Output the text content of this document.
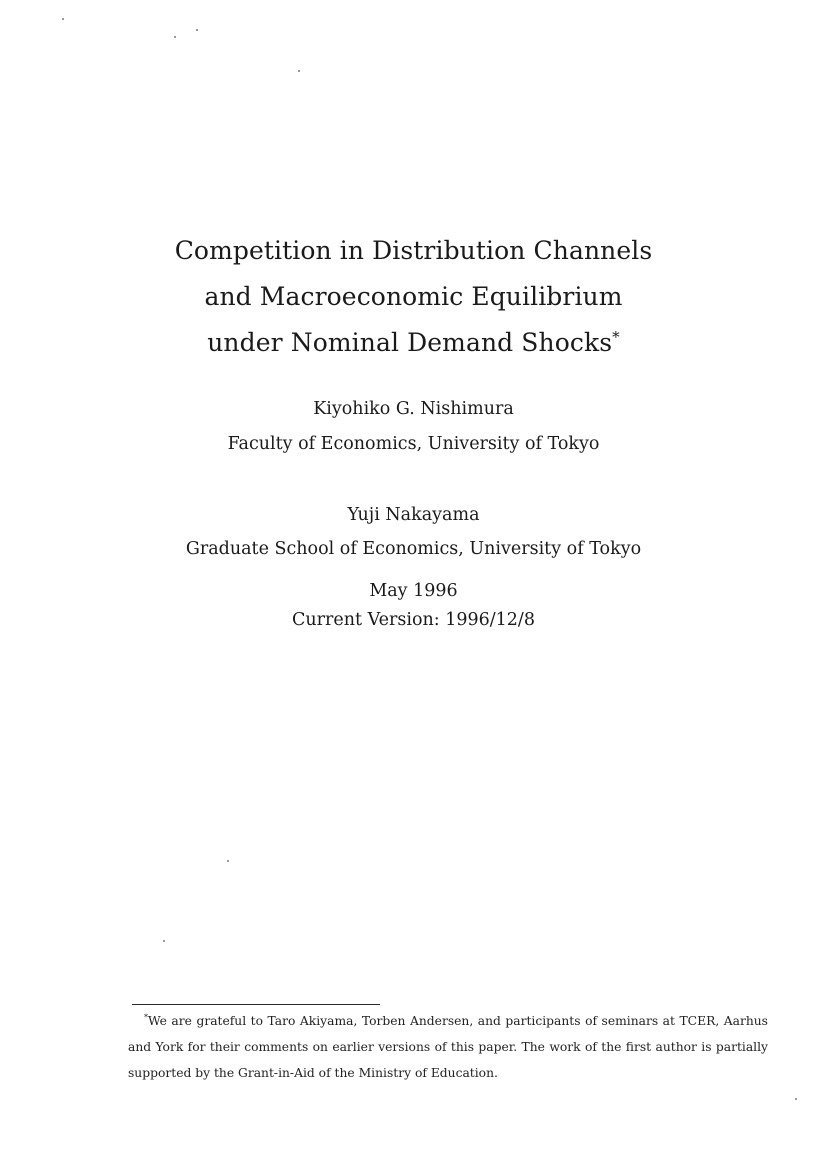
Competition in Distribution Channels
and Macroeconomic Equilibrium
under Nominal Demand Shocks*
Kiyohiko G. Nishimura
Faculty of Economics, University of Tokyo
Yuji Nakayama
Graduate School of Economics, University of Tokyo
May 1996
Current Version: 1996/12/8
*We are grateful to Taro Akiyama, Torben Andersen, and participants of seminars at TCER, Aarhus and York for their comments on earlier versions of this paper. The work of the first author is partially supported by the Grant-in-Aid of the Ministry of Education.
